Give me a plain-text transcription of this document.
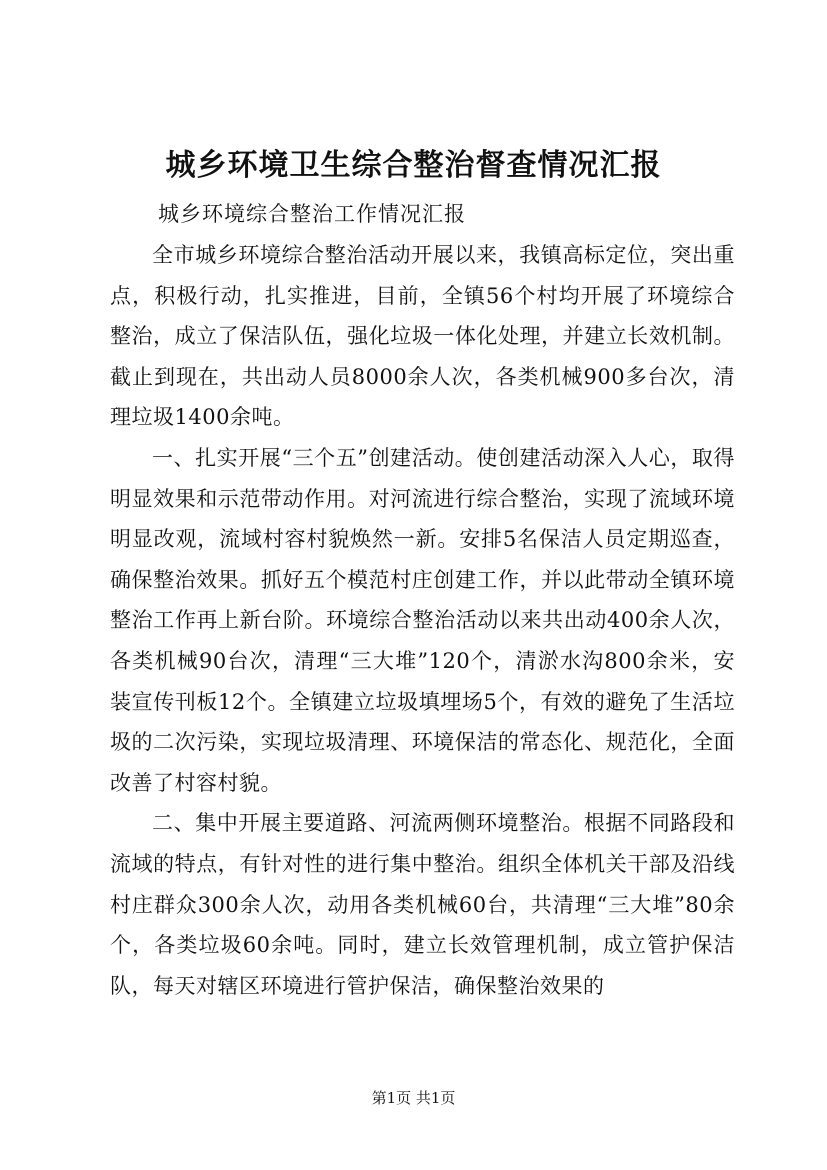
城乡环境卫生综合整治督查情况汇报

城乡环境综合整治工作情况汇报

全市城乡环境综合整治活动开展以来，我镇高标定位，突出重点，积极行动，扎实推进，目前，全镇56个村均开展了环境综合整治，成立了保洁队伍，强化垃圾一体化处理，并建立长效机制。截止到现在，共出动人员8000余人次，各类机械900多台次，清理垃圾1400余吨。

一、扎实开展“三个五”创建活动。使创建活动深入人心，取得明显效果和示范带动作用。对河流进行综合整治，实现了流域环境明显改观，流域村容村貌焕然一新。安排5名保洁人员定期巡查，确保整治效果。抓好五个模范村庄创建工作，并以此带动全镇环境整治工作再上新台阶。环境综合整治活动以来共出动400余人次，各类机械90台次，清理“三大堆”120个，清淤水沟800余米，安装宣传刊板12个。全镇建立垃圾填埋场5个，有效的避免了生活垃圾的二次污染，实现垃圾清理、环境保洁的常态化、规范化，全面改善了村容村貌。

二、集中开展主要道路、河流两侧环境整治。根据不同路段和流域的特点，有针对性的进行集中整治。组织全体机关干部及沿线村庄群众300余人次，动用各类机械60台，共清理“三大堆”80余个，各类垃圾60余吨。同时，建立长效管理机制，成立管护保洁队，每天对辖区环境进行管护保洁，确保整治效果的

第1页 共1页
